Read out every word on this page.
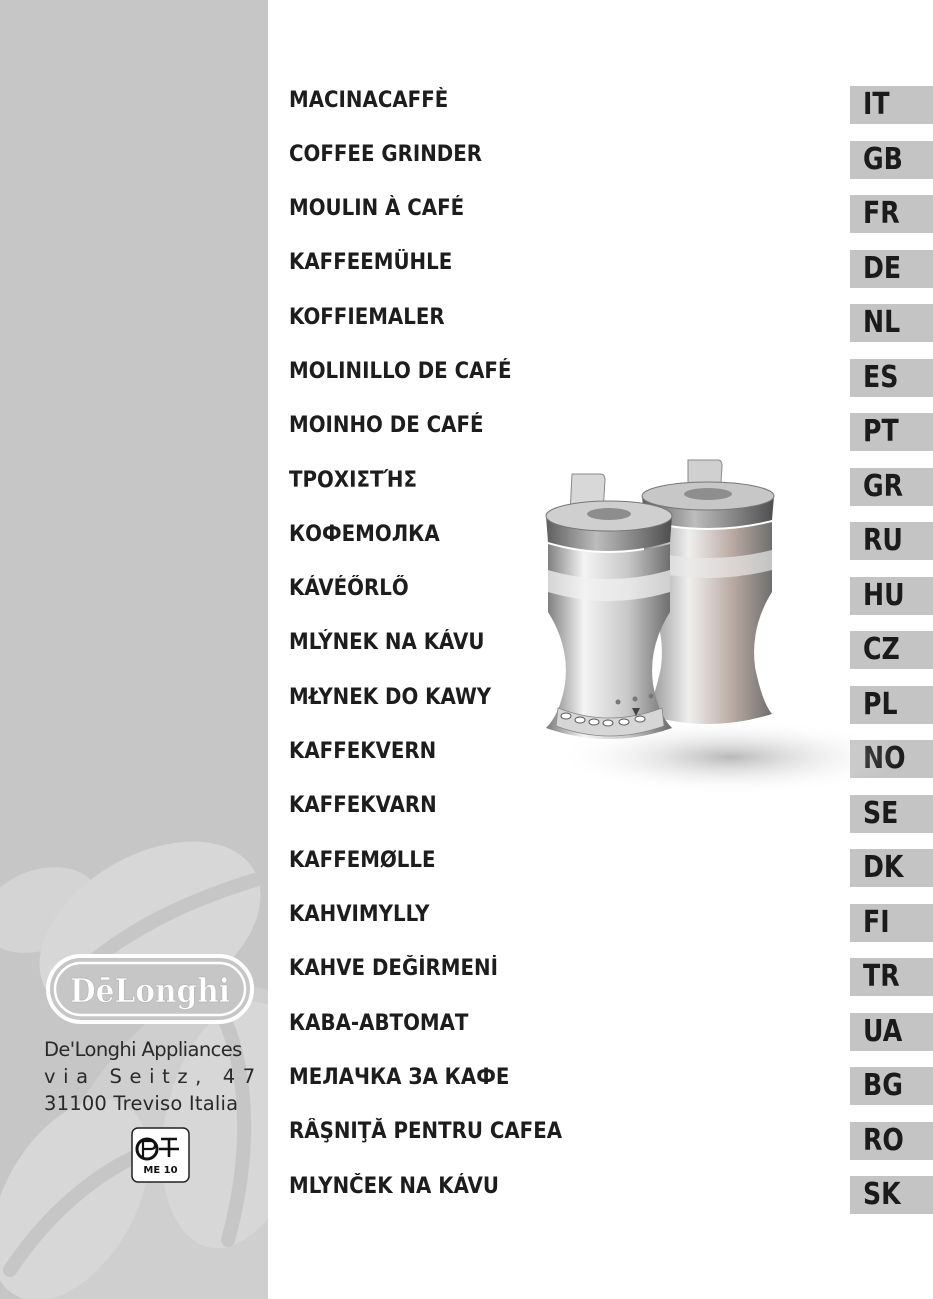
DēLonghi
De'Longhi Appliances
via Seitz, 47
31100 Treviso Italia
ME 10
MACINACAFFÈ
COFFEE GRINDER
MOULIN À CAFÉ
KAFFEEMÜHLE
KOFFIEMALER
MOLINILLO DE CAFÉ
MOINHO DE CAFÉ
ΤΡΟΧΙΣΤΉΣ
КОФЕМОЛКА
KÁVÉŐRLŐ
MLÝNEK NA KÁVU
MŁYNEK DO KAWY
KAFFEKVERN
KAFFEKVARN
KAFFEMØLLE
KAHVIMYLLY
KAHVE DEĞİRMENİ
КАВА-АВТОМАТ
МЕЛАЧКА ЗА КАФЕ
RÂŞNIŢĂ PENTRU CAFEA
MLYNČEK NA KÁVU
IT
GB
FR
DE
NL
ES
PT
GR
RU
HU
CZ
PL
SE
DK
FI
TR
UA
BG
RO
SK
